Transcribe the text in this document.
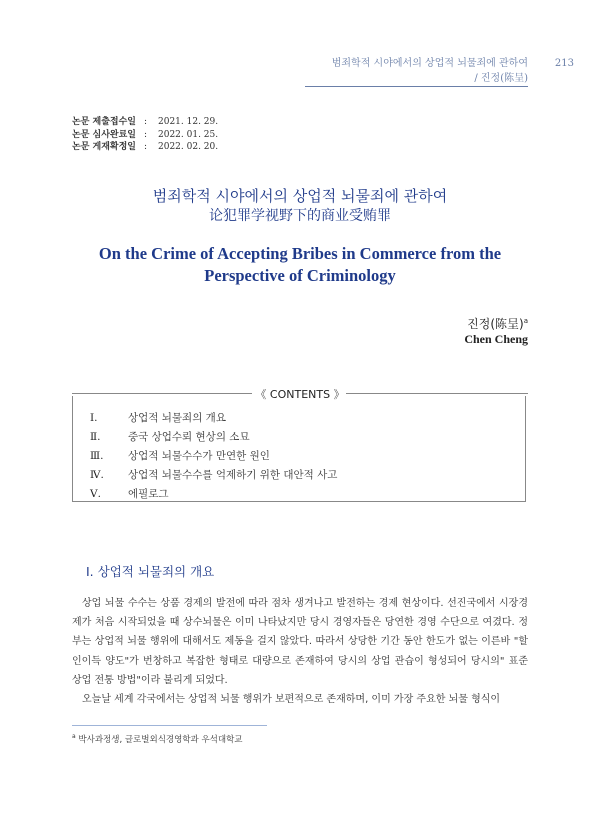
범죄학적 시야에서의 상업적 뇌물죄에 관하여
/ 진정(陈呈)
213
논문 제출접수일 :	2021. 12. 29.
논문 심사완료일 :	2022. 01. 25.
논문 게재확정일 :	2022. 02. 20.
범죄학적 시야에서의 상업적 뇌물죄에 관하여
论犯罪学视野下的商业受贿罪
On the Crime of Accepting Bribes in Commerce from the Perspective of Criminology
진정(陈呈)$^a$
Chen Cheng
《 CONTENTS 》
Ⅰ.	상업적 뇌물죄의 개요
Ⅱ.	중국 상업수뢰 현상의 소묘
Ⅲ.	상업적 뇌물수수가 만연한 원인
Ⅳ.	상업적 뇌물수수를 억제하기 위한 대안적 사고
Ⅴ.	에필로그
Ⅰ. 상업적 뇌물죄의 개요

상업 뇌물 수수는 상품 경제의 발전에 따라 점차 생겨나고 발전하는 경제 현상이다. 선진국에서 시장경제가 처음 시작되었을 때 상수뇌물은 이미 나타났지만 당시 경영자들은 당연한 경영 수단으로 여겼다. 정부는 상업적 뇌물 행위에 대해서도 제동을 걸지 않았다. 따라서 상당한 기간 동안 한도가 없는 이른바 "할인이득 양도"가 번창하고 복잡한 형태로 대량으로 존재하여 당시의 상업 관습이 형성되어 당시의" 표준 상업 전통 방법"이라 불리게 되었다.

오늘날 세계 각국에서는 상업적 뇌물 행위가 보편적으로 존재하며, 이미 가장 주요한 뇌물 형식이

$^a$ 박사과정생, 글로벌외식경영학과 우석대학교
